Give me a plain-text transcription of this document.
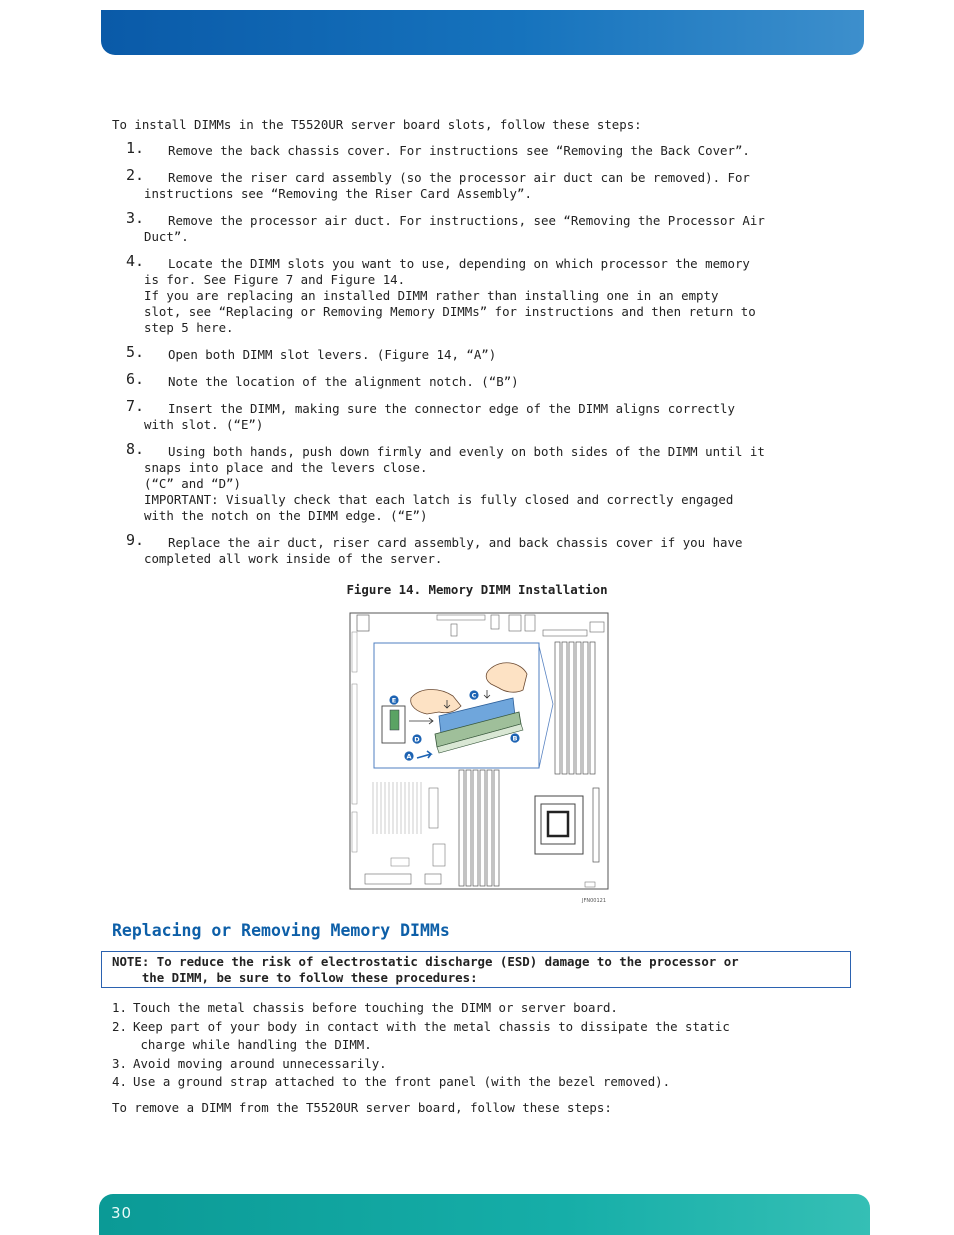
To install DIMMs in the T5520UR server board slots, follow these steps:
1.	Remove the back chassis cover. For instructions see “Removing the Back Cover”.
2.	Remove the riser card assembly (so the processor air duct can be removed). For
instructions see “Removing the Riser Card Assembly”.
3.	Remove the processor air duct. For instructions, see “Removing the Processor Air
Duct”.
4.	Locate the DIMM slots you want to use, depending on which processor the memory
is for. See Figure 7 and Figure 14.
If you are replacing an installed DIMM rather than installing one in an empty
slot, see “Replacing or Removing Memory DIMMs” for instructions and then return to
step 5 here.
5.	Open both DIMM slot levers. (Figure 14, “A”)
6.	Note the location of the alignment notch. (“B”)
7.	Insert the DIMM, making sure the connector edge of the DIMM aligns correctly
with slot. (“E”)
8.	Using both hands, push down firmly and evenly on both sides of the DIMM until it
snaps into place and the levers close.
(“C” and “D”)
IMPORTANT: Visually check that each latch is fully closed and correctly engaged
with the notch on the DIMM edge. (“E”)
9.	Replace the air duct, riser card assembly, and back chassis cover if you have
completed all work inside of the server.
Figure 14. Memory DIMM Installation
A
B
C
D
E
JFN00121
Replacing or Removing Memory DIMMs
NOTE: To reduce the risk of electrostatic discharge (ESD) damage to the processor or
the DIMM, be sure to follow these procedures:
1. Touch the metal chassis before touching the DIMM or server board.
2. Keep part of your body in contact with the metal chassis to dissipate the static
charge while handling the DIMM.
3. Avoid moving around unnecessarily.
4. Use a ground strap attached to the front panel (with the bezel removed).
To remove a DIMM from the T5520UR server board, follow these steps:
30
